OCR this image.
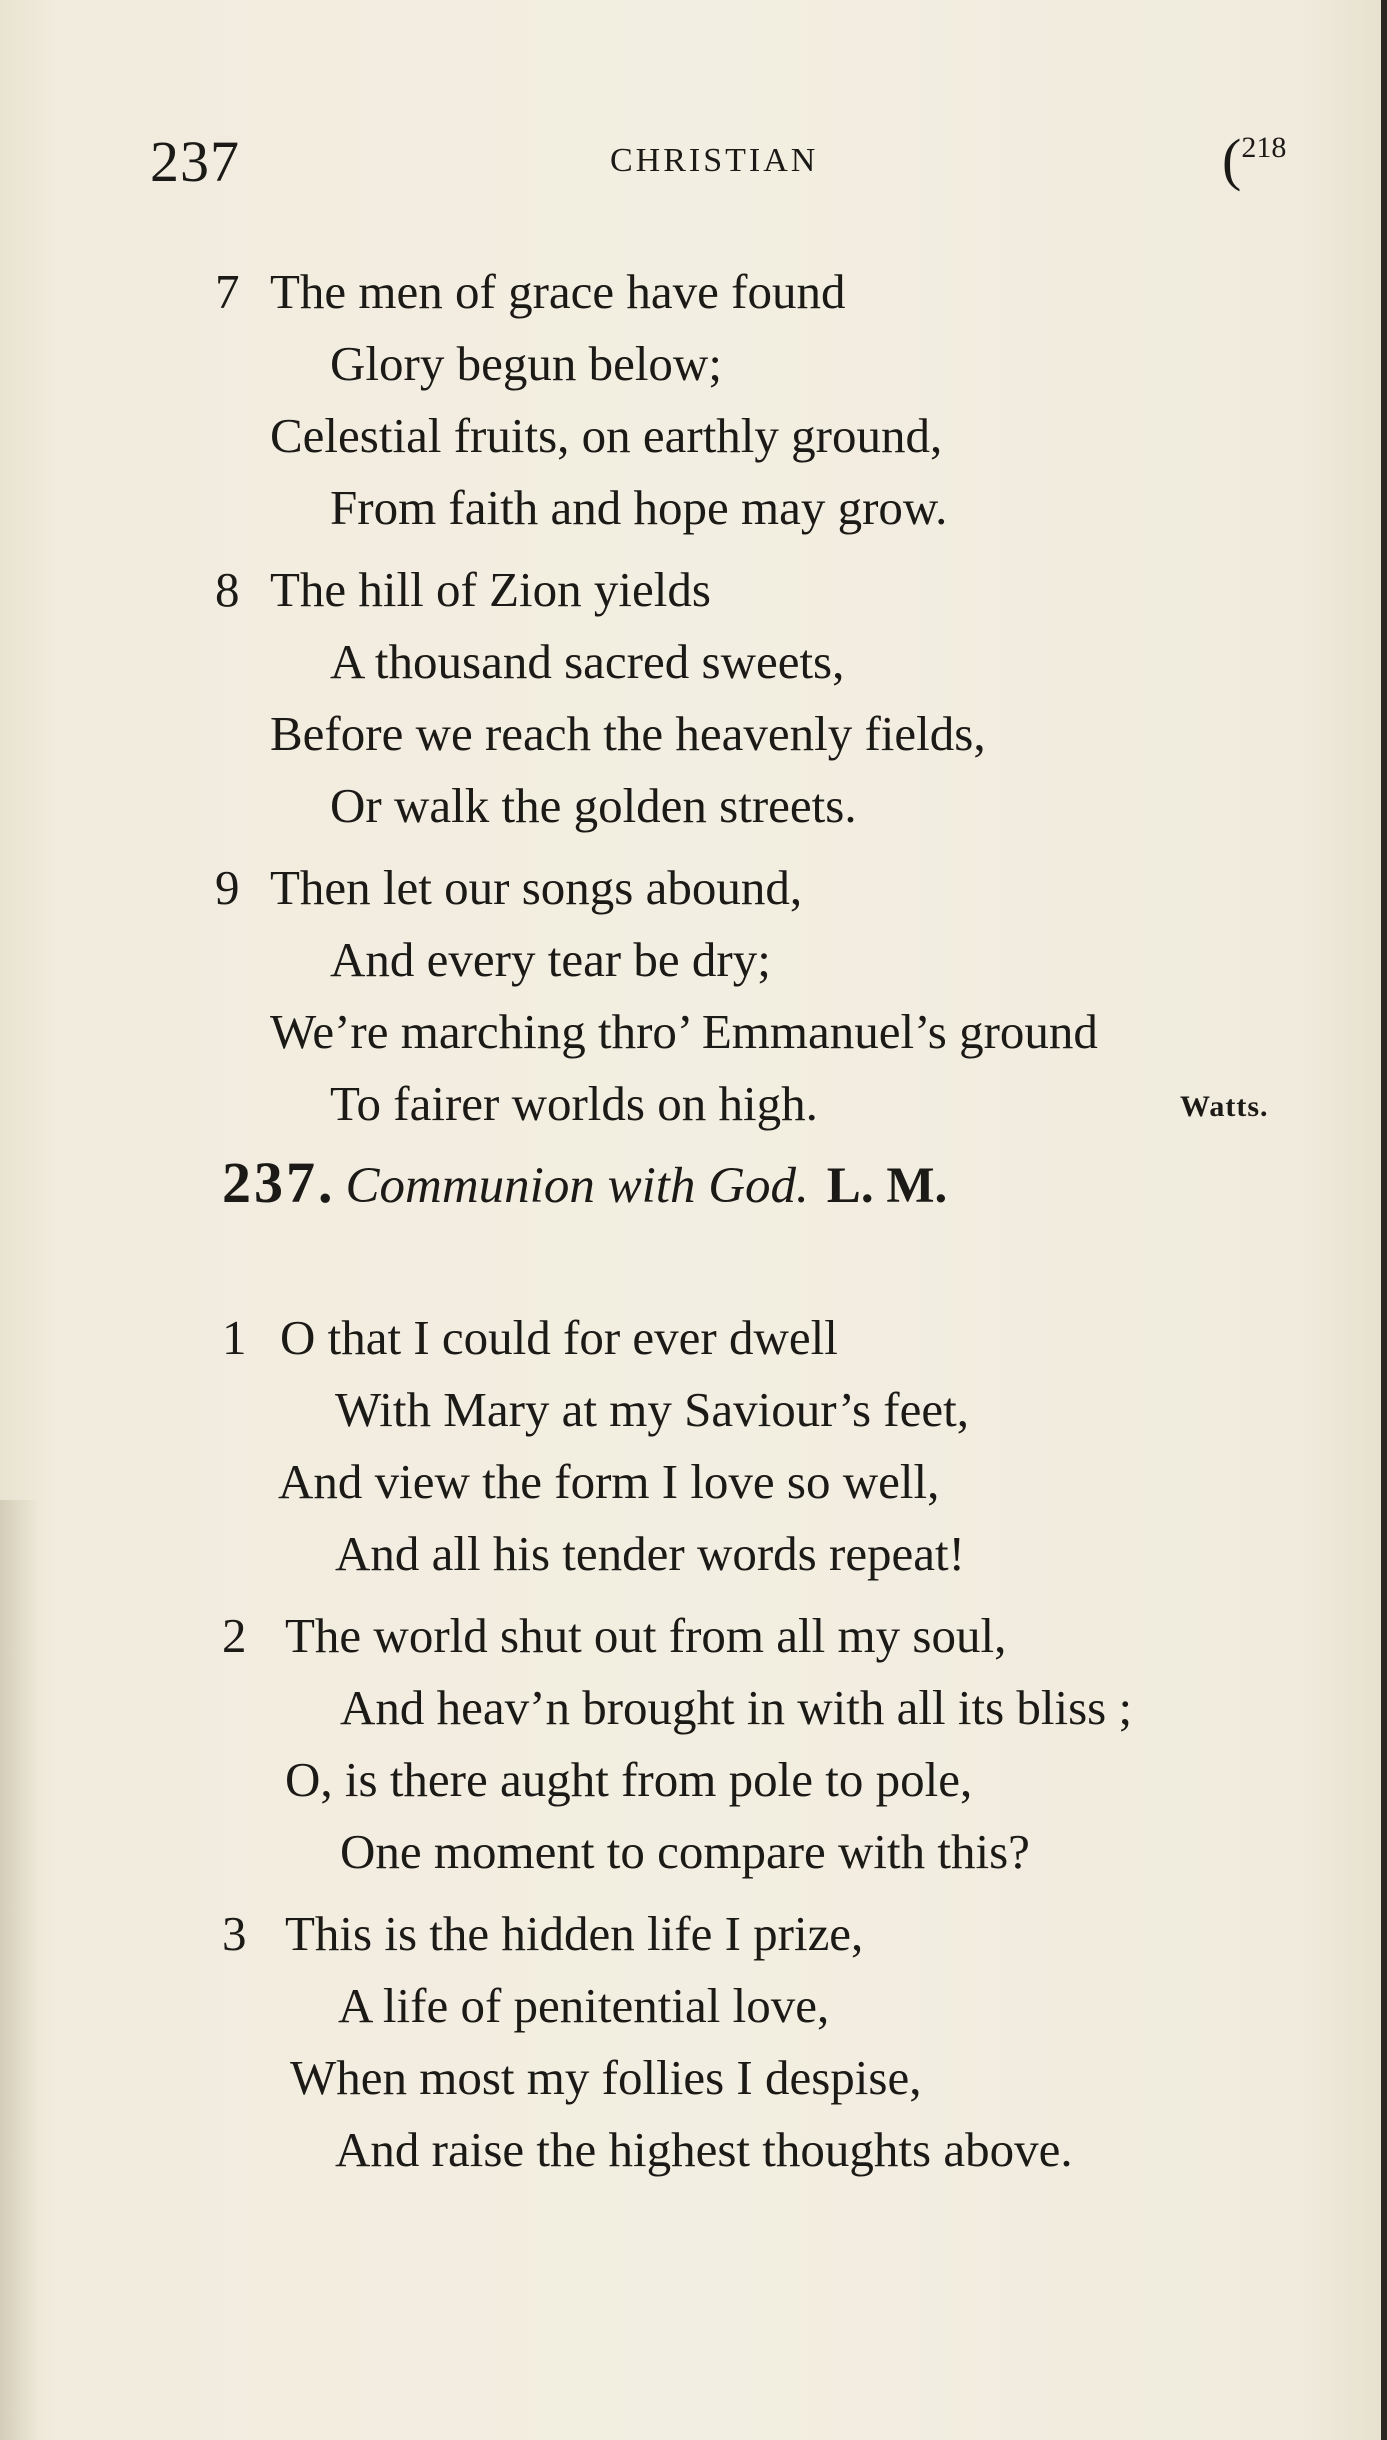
237	CHRISTIAN	($^{218}$
7 The men of grace have found
Glory begun below;
Celestial fruits, on earthly ground,
From faith and hope may grow.
8 The hill of Zion yields
A thousand sacred sweets,
Before we reach the heavenly fields,
Or walk the golden streets.
9 Then let our songs abound,
And every tear be dry;
We’re marching thro’ Emmanuel’s ground
To fairer worlds on high.	Watts.
237. Communion with God. L. M.
1 O that I could for ever dwell
With Mary at my Saviour’s feet,
And view the form I love so well,
And all his tender words repeat!
2 The world shut out from all my soul,
And heav’n brought in with all its bliss ;
O, is there aught from pole to pole,
One moment to compare with this?
3 This is the hidden life I prize,
A life of penitential love,
When most my follies I despise,
And raise the highest thoughts above.
